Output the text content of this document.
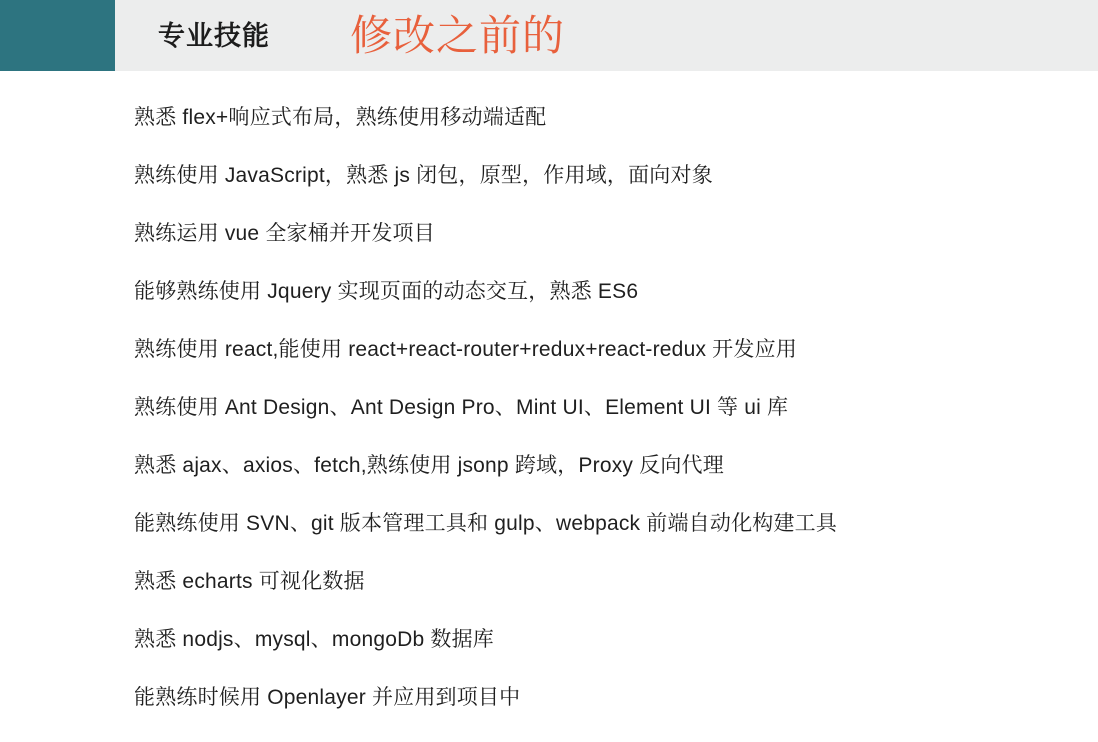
专业技能 修改之前的
熟悉 flex+响应式布局，熟练使用移动端适配
熟练使用 JavaScript，熟悉 js 闭包，原型，作用域，面向对象
熟练运用 vue 全家桶并开发项目
能够熟练使用 Jquery 实现页面的动态交互，熟悉 ES6
熟练使用 react,能使用 react+react-router+redux+react-redux 开发应用
熟练使用 Ant Design、Ant Design Pro、Mint UI、Element UI 等 ui 库
熟悉 ajax、axios、fetch,熟练使用 jsonp 跨域，Proxy 反向代理
能熟练使用 SVN、git 版本管理工具和 gulp、webpack 前端自动化构建工具
熟悉 echarts 可视化数据
熟悉 nodjs、mysql、mongoDb 数据库
能熟练时候用 Openlayer 并应用到项目中
